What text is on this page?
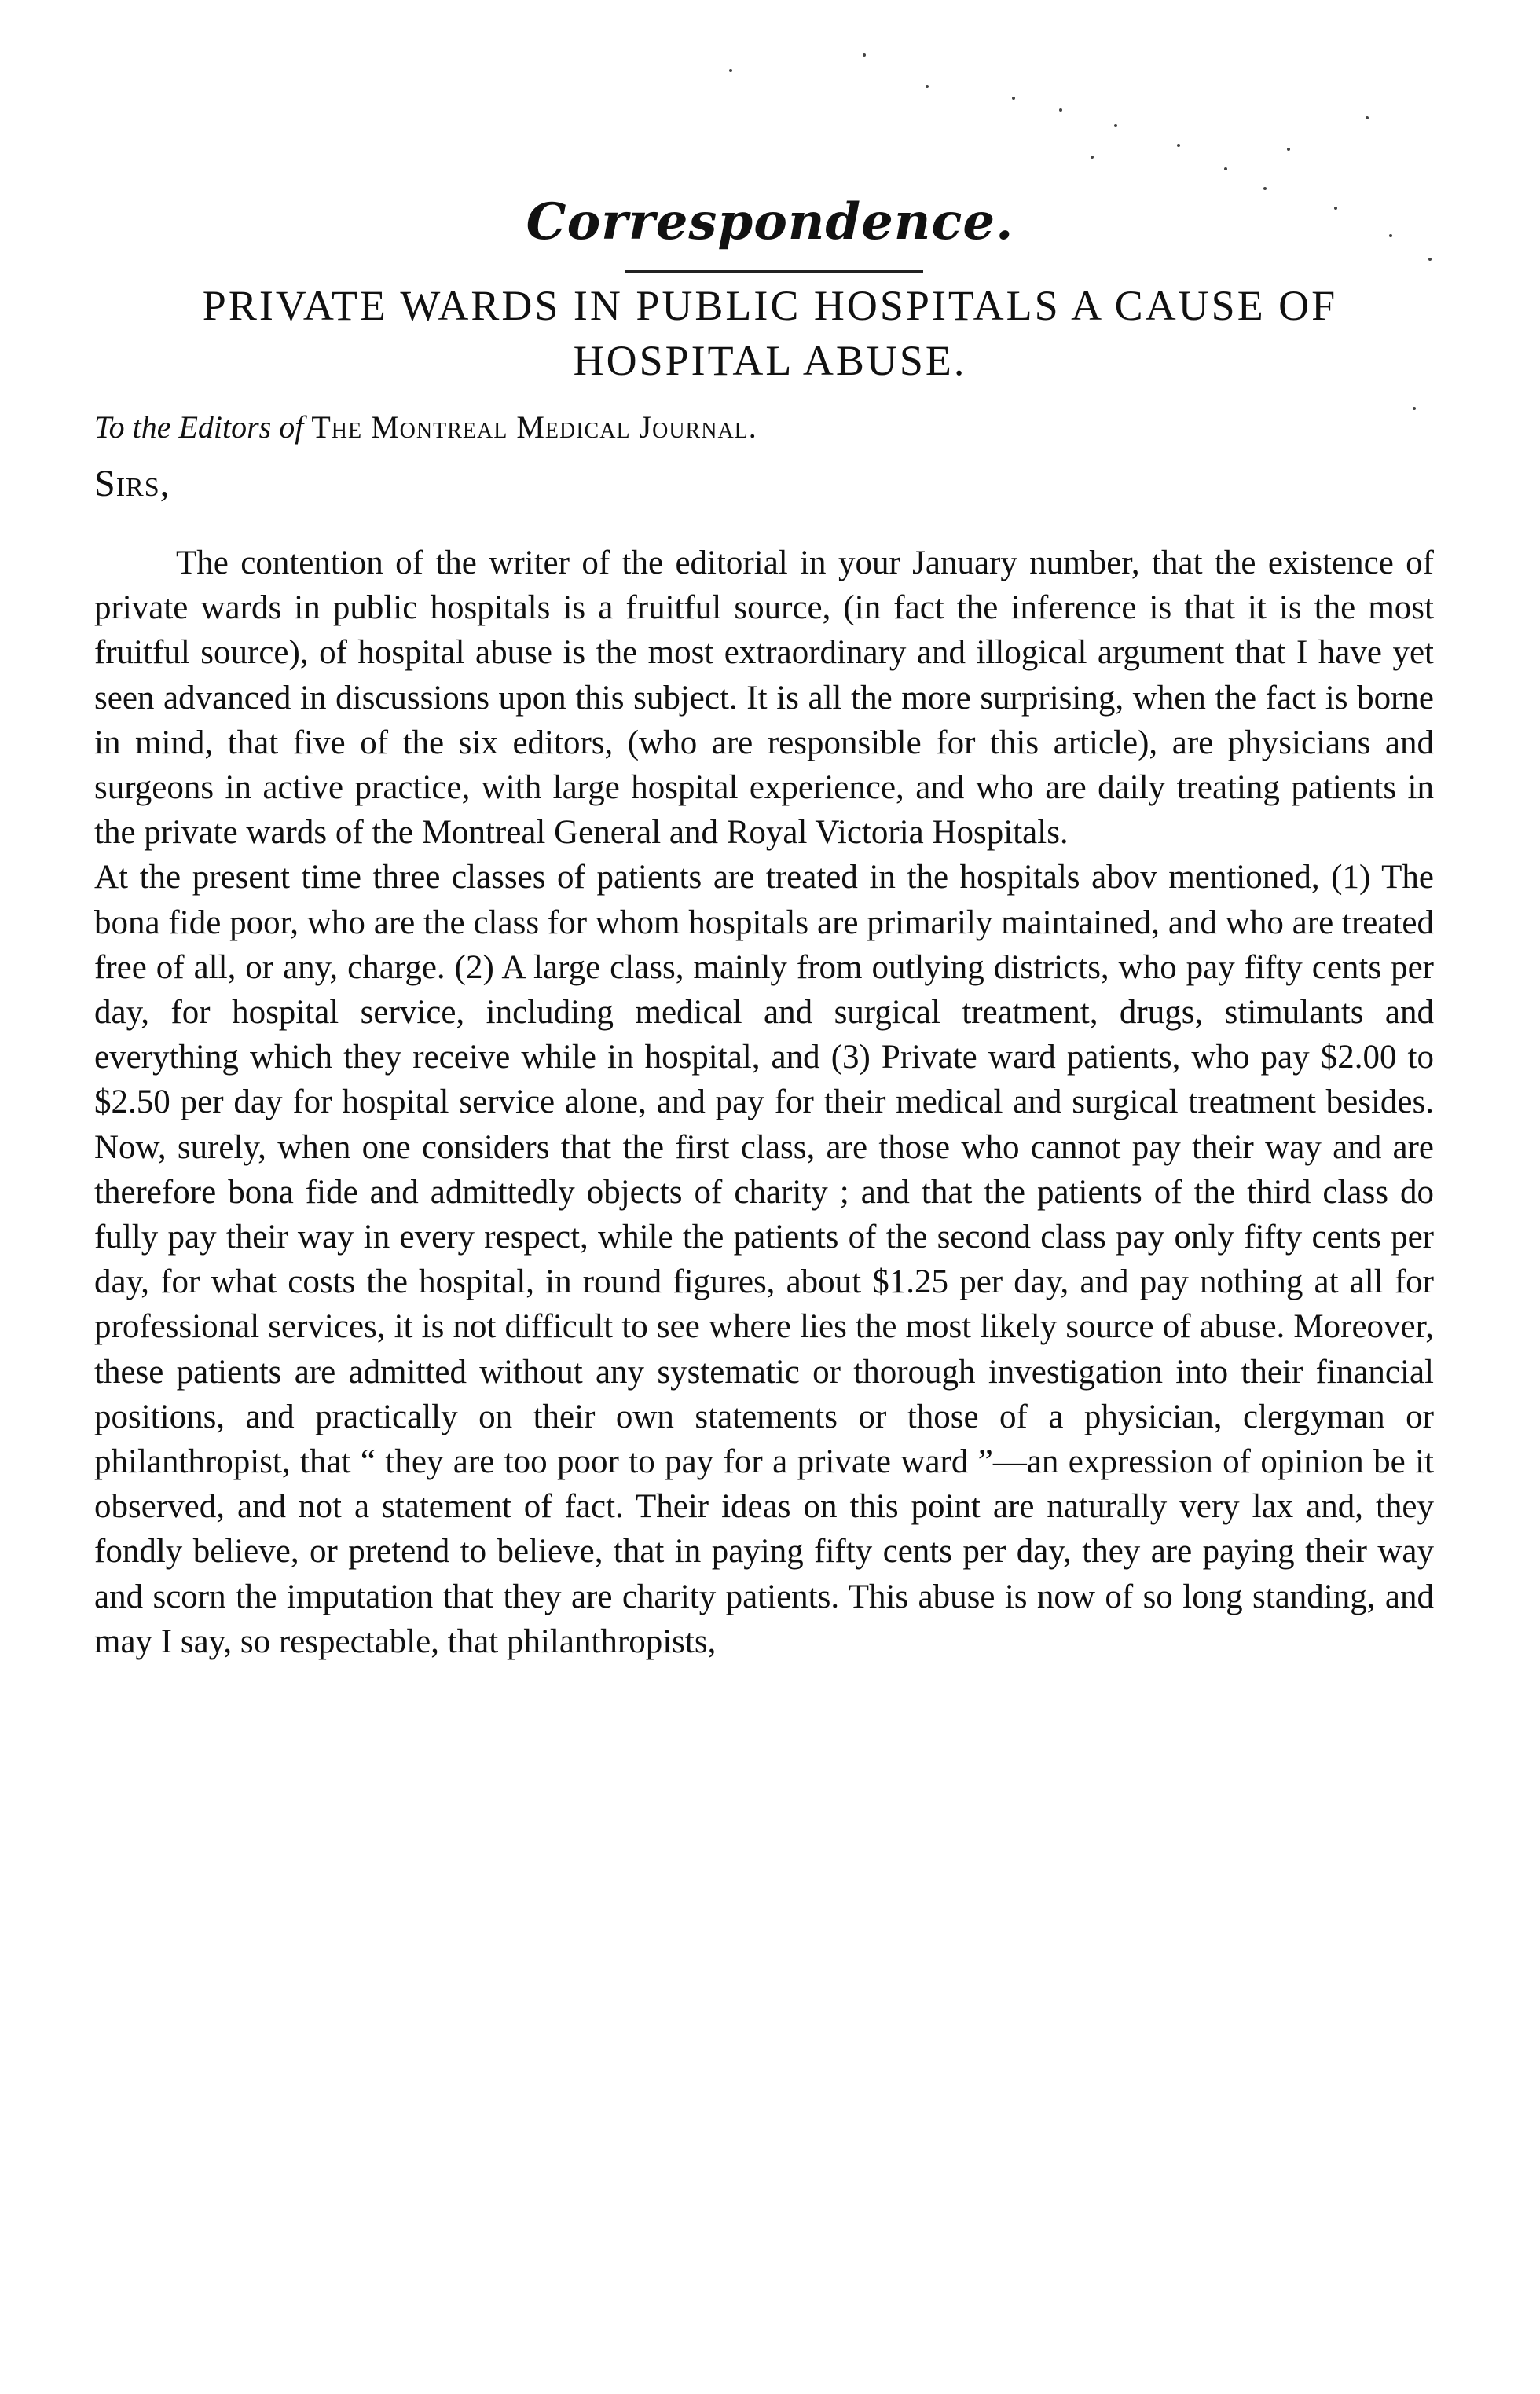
Correspondence.
PRIVATE WARDS IN PUBLIC HOSPITALS A CAUSE OF
HOSPITAL ABUSE.
To the Editors of The Montreal Medical Journal.
Sirs,

The contention of the writer of the editorial in your January number, that the existence of private wards in public hospitals is a fruitful source, (in fact the inference is that it is the most fruitful source), of hospital abuse is the most extraordinary and illogical argument that I have yet seen advanced in discussions upon this subject. It is all the more surprising, when the fact is borne in mind, that five of the six editors, (who are responsible for this article), are physicians and surgeons in active practice, with large hospital experience, and who are daily treating patients in the private wards of the Montreal General and Royal Victoria Hospitals.

At the present time three classes of patients are treated in the hospitals abov mentioned, (1) The bona fide poor, who are the class for whom hospitals are primarily maintained, and who are treated free of all, or any, charge. (2) A large class, mainly from outlying districts, who pay fifty cents per day, for hospital service, including medical and surgical treatment, drugs, stimulants and everything which they receive while in hospital, and (3) Private ward patients, who pay $2.00 to $2.50 per day for hospital service alone, and pay for their medical and surgical treatment besides. Now, surely, when one considers that the first class, are those who cannot pay their way and are therefore bona fide and admittedly objects of charity ; and that the patients of the third class do fully pay their way in every respect, while the patients of the second class pay only fifty cents per day, for what costs the hospital, in round figures, about $1.25 per day, and pay nothing at all for professional services, it is not difficult to see where lies the most likely source of abuse. Moreover, these patients are admitted without any systematic or thorough investigation into their financial positions, and practically on their own statements or those of a physician, clergyman or philanthropist, that “ they are too poor to pay for a private ward ”—an expression of opinion be it observed, and not a statement of fact. Their ideas on this point are naturally very lax and, they fondly believe, or pretend to believe, that in paying fifty cents per day, they are paying their way and scorn the imputation that they are charity patients. This abuse is now of so long standing, and may I say, so respectable, that philanthropists,
